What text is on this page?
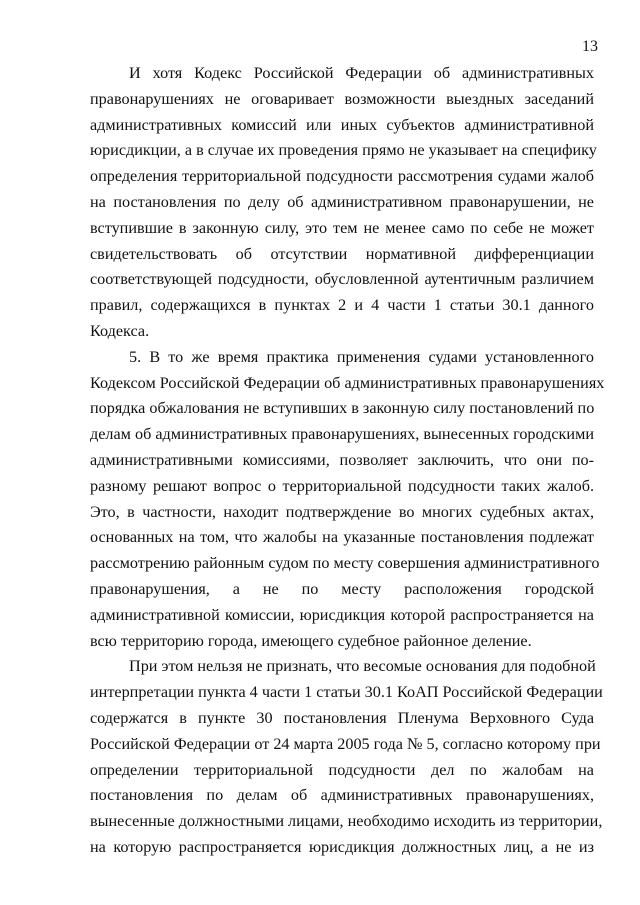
13
И хотя Кодекс Российской Федерации об административных
правонарушениях не оговаривает возможности выездных заседаний
административных комиссий или иных субъектов административной
юрисдикции, а в случае их проведения прямо не указывает на специфику
определения территориальной подсудности рассмотрения судами жалоб
на постановления по делу об административном правонарушении, не
вступившие в законную силу, это тем не менее само по себе не может
свидетельствовать об отсутствии нормативной дифференциации
соответствующей подсудности, обусловленной аутентичным различием
правил, содержащихся в пунктах 2 и 4 части 1 статьи 30.1 данного
Кодекса.
5. В то же время практика применения судами установленного
Кодексом Российской Федерации об административных правонарушениях
порядка обжалования не вступивших в законную силу постановлений по
делам об административных правонарушениях, вынесенных городскими
административными комиссиями, позволяет заключить, что они по-
разному решают вопрос о территориальной подсудности таких жалоб.
Это, в частности, находит подтверждение во многих судебных актах,
основанных на том, что жалобы на указанные постановления подлежат
рассмотрению районным судом по месту совершения административного
правонарушения, а не по месту расположения городской
административной комиссии, юрисдикция которой распространяется на
всю территорию города, имеющего судебное районное деление.
При этом нельзя не признать, что весомые основания для подобной
интерпретации пункта 4 части 1 статьи 30.1 КоАП Российской Федерации
содержатся в пункте 30 постановления Пленума Верховного Суда
Российской Федерации от 24 марта 2005 года № 5, согласно которому при
определении территориальной подсудности дел по жалобам на
постановления по делам об административных правонарушениях,
вынесенные должностными лицами, необходимо исходить из территории,
на которую распространяется юрисдикция должностных лиц, а не из
